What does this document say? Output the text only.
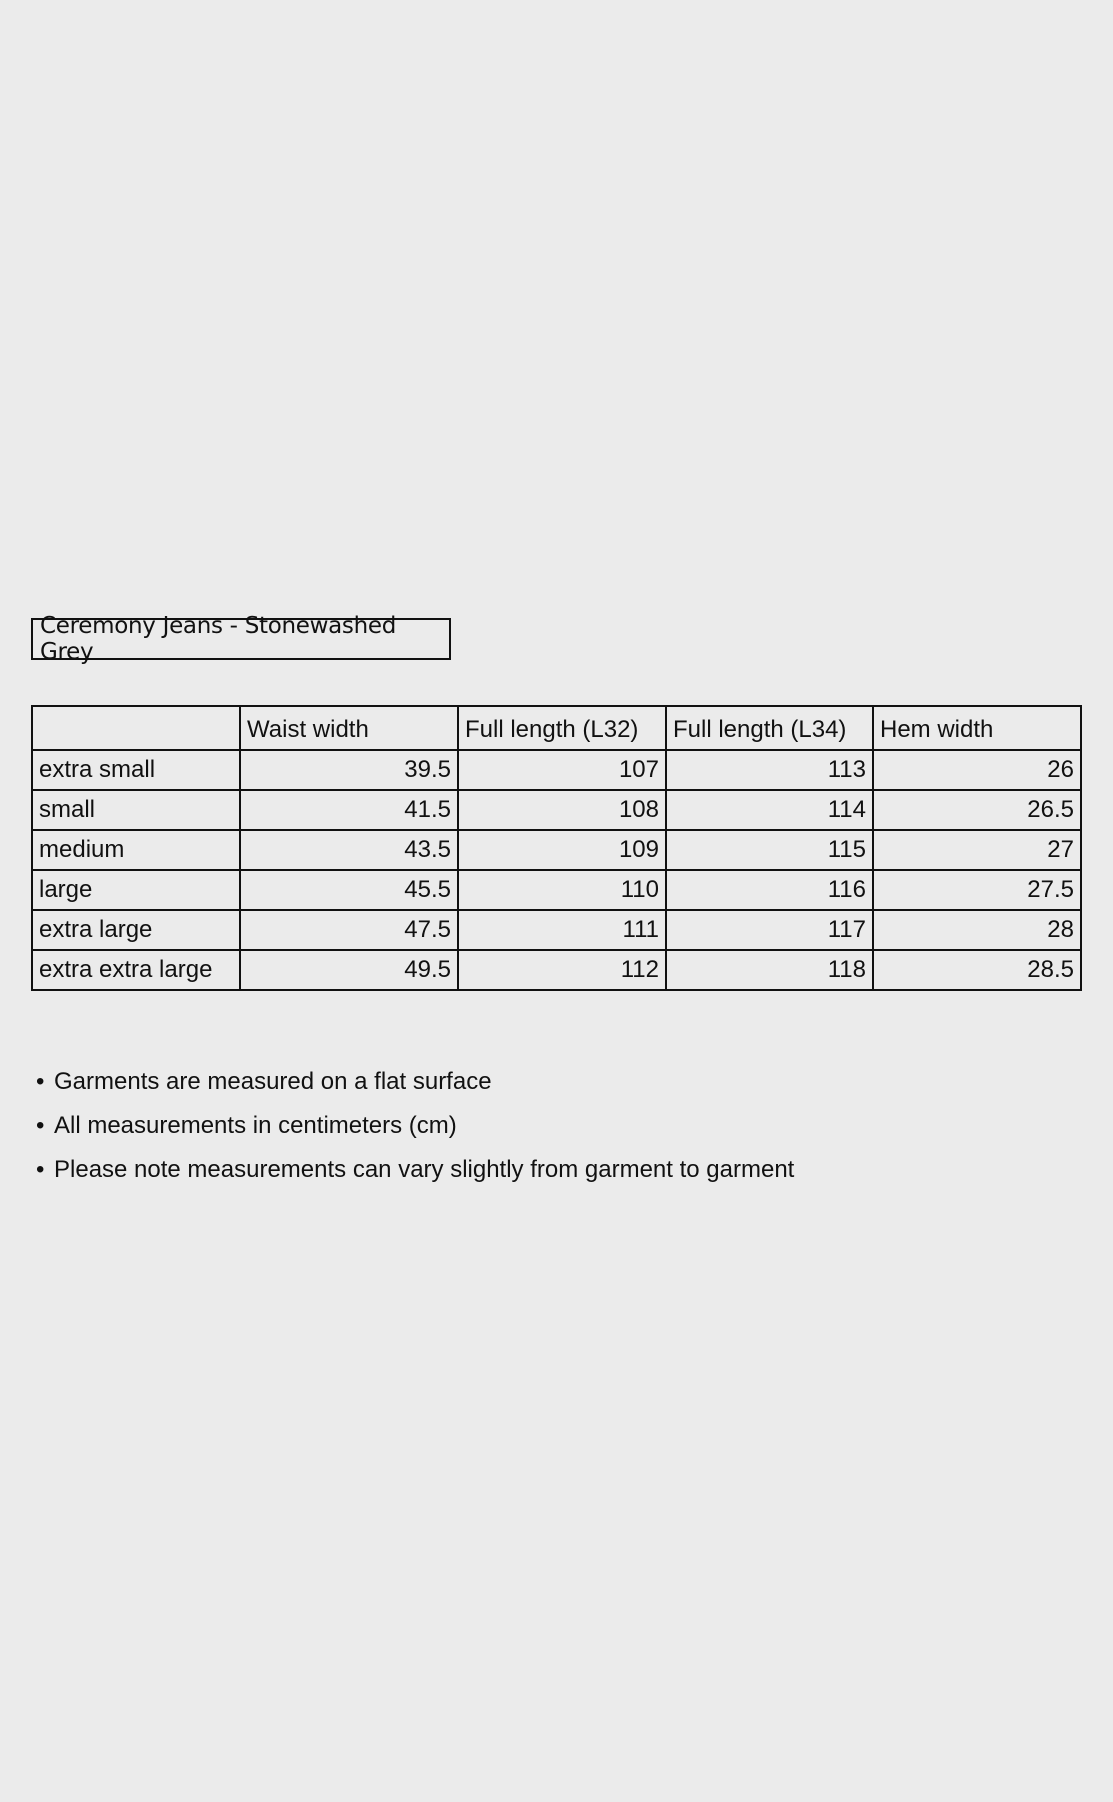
Ceremony Jeans - Stonewashed Grey
	Waist width	Full length (L32)	Full length (L34)	Hem width
extra small	39.5	107	113	26
small	41.5	108	114	26.5
medium	43.5	109	115	27
large	45.5	110	116	27.5
extra large	47.5	111	117	28
extra extra large	49.5	112	118	28.5
• Garments are measured on a flat surface
• All measurements in centimeters (cm)
• Please note measurements can vary slightly from garment to garment
